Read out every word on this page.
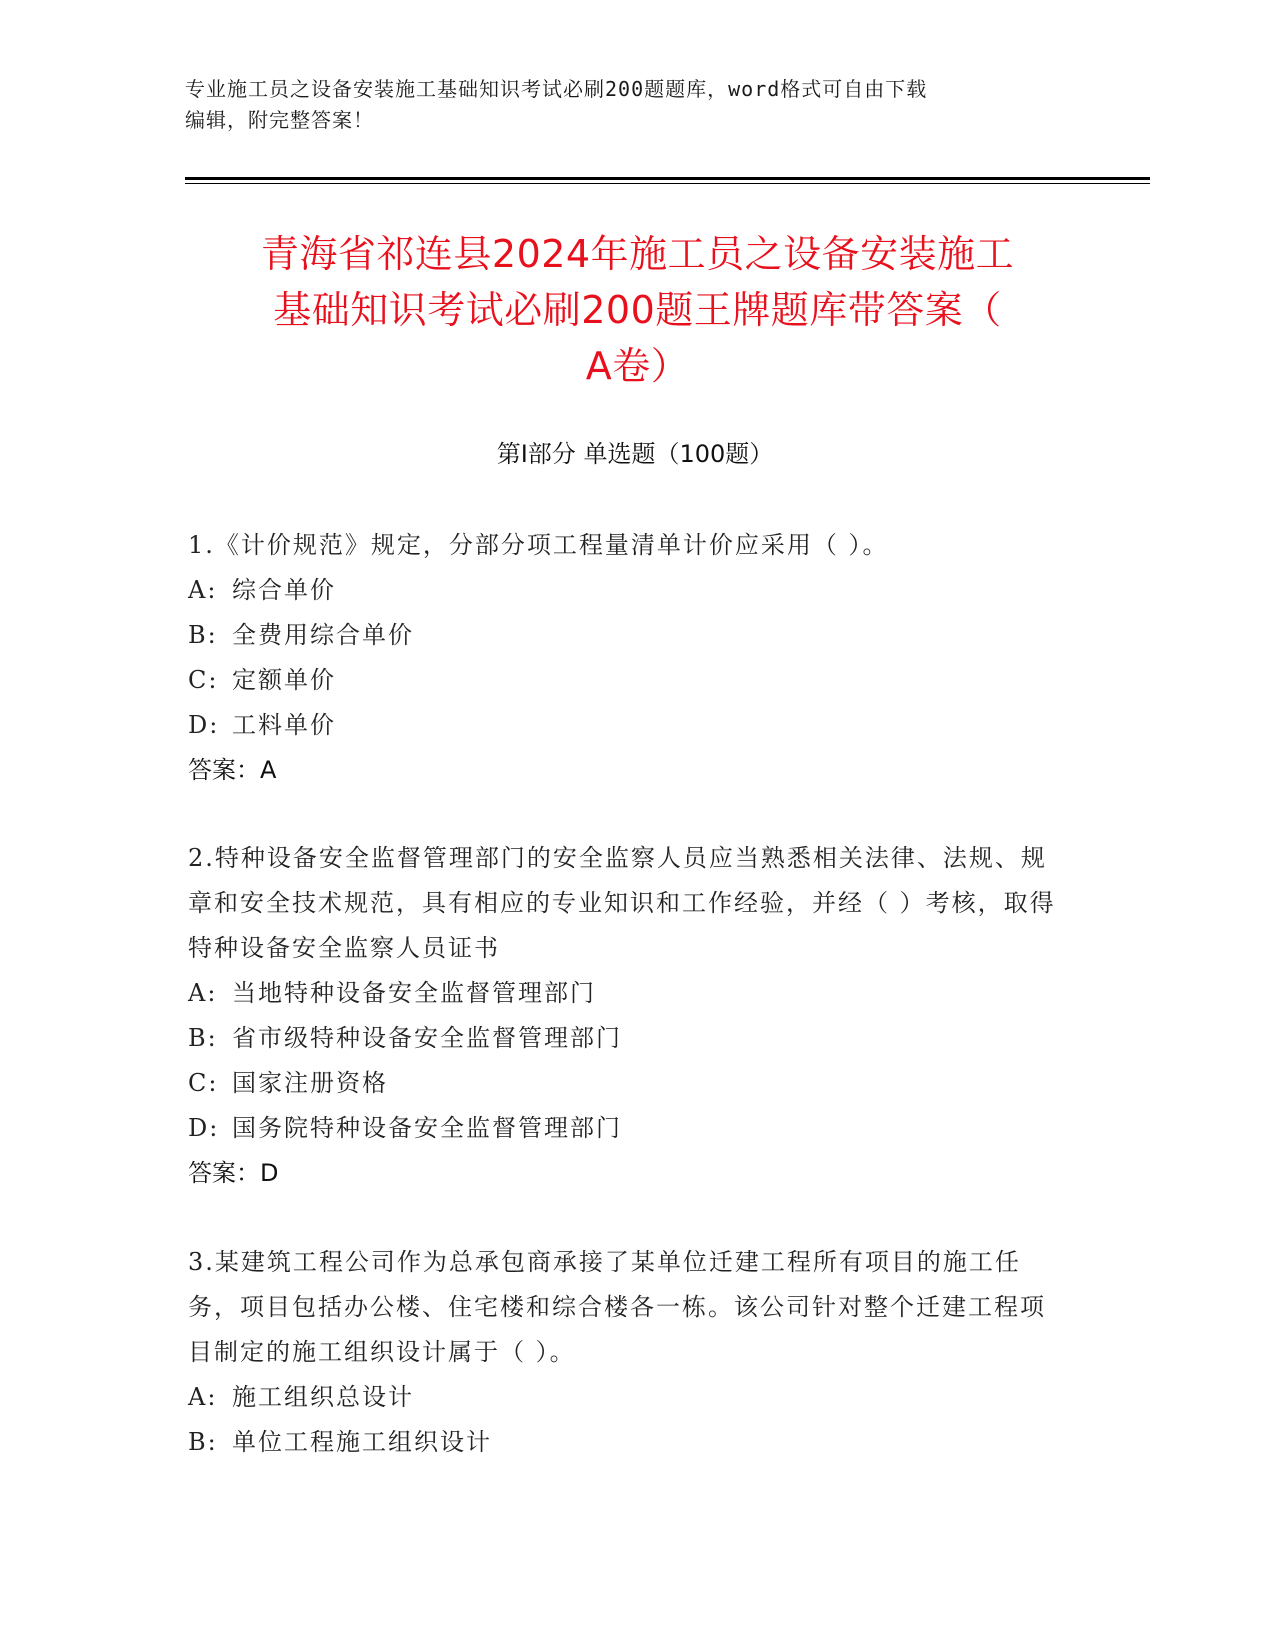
专业施工员之设备安装施工基础知识考试必刷200题题库，word格式可自由下载
编辑，附完整答案！
青海省祁连县2024年施工员之设备安装施工
基础知识考试必刷200题王牌题库带答案（
A卷）
第Ⅰ部分 单选题（100题）
1.《计价规范》规定，分部分项工程量清单计价应采用（ ）。
A: 综合单价
B: 全费用综合单价
C: 定额单价
D: 工料单价
答案：A
2.特种设备安全监督管理部门的安全监察人员应当熟悉相关法律、法规、规章和安全技术规范，具有相应的专业知识和工作经验，并经（ ）考核，取得特种设备安全监察人员证书
A: 当地特种设备安全监督管理部门
B: 省市级特种设备安全监督管理部门
C: 国家注册资格
D: 国务院特种设备安全监督管理部门
答案：D
3.某建筑工程公司作为总承包商承接了某单位迁建工程所有项目的施工任务，项目包括办公楼、住宅楼和综合楼各一栋。该公司针对整个迁建工程项目制定的施工组织设计属于（ ）。
A: 施工组织总设计
B: 单位工程施工组织设计
